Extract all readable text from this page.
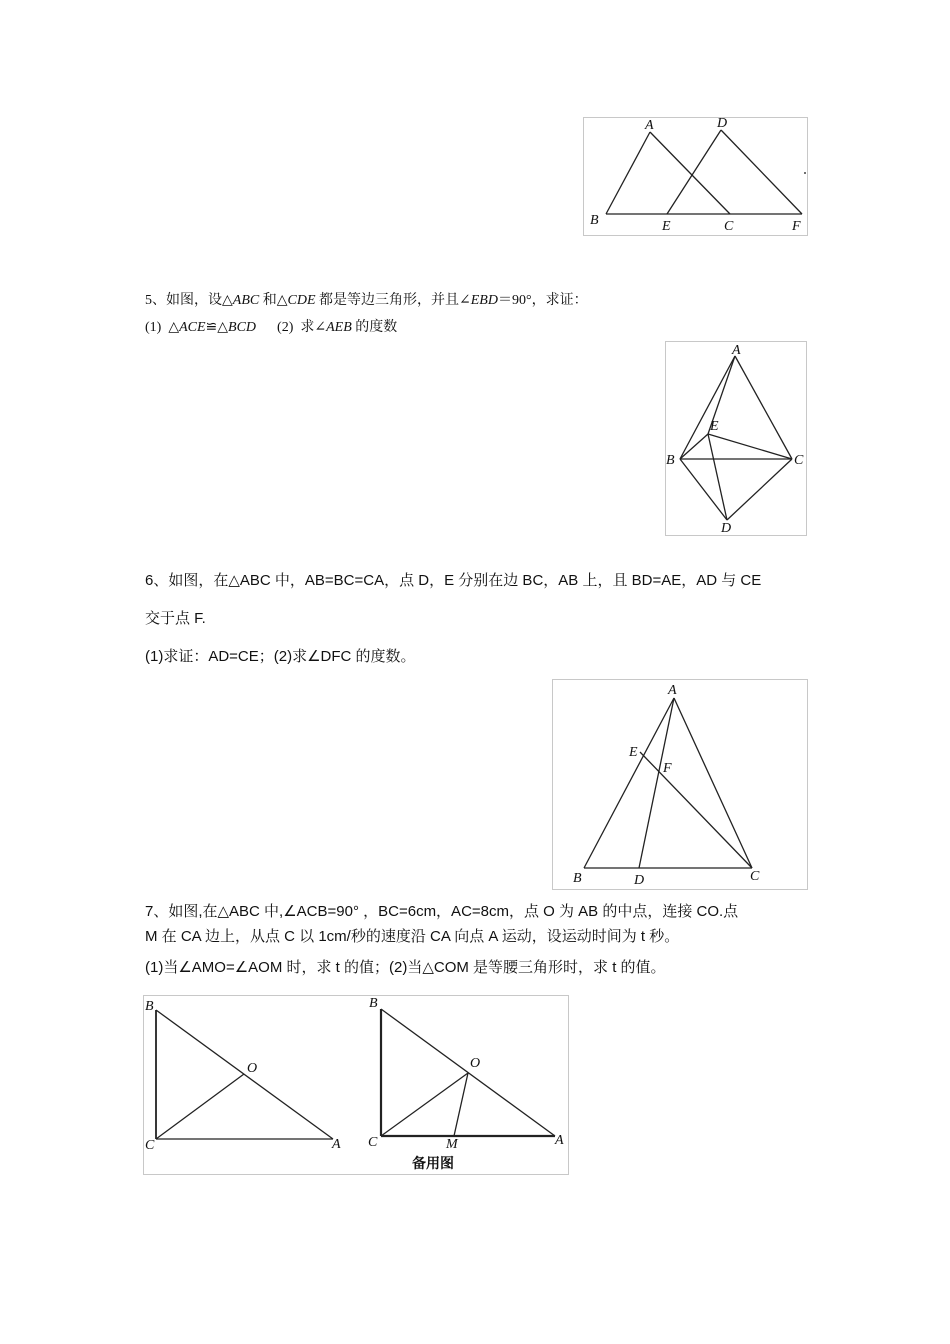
A	D
B	E	C	F
5、如图，设△ABC 和△CDE 都是等边三角形，并且∠EBD＝90°，求证：
(1)  △ACE≌△BCD      (2)  求∠AEB 的度数
A
E
B	C
D
6、如图，在△ABC 中，AB=BC=CA，点 D，E 分别在边 BC，AB 上，且 BD=AE，AD 与 CE
交于点 F.
(1)求证：AD=CE；(2)求∠DFC 的度数。
A
E
F
B	D	C
7、如图,在△ABC 中,∠ACB=90° ，BC=6cm，AC=8cm，点 O 为 AB 的中点，连接 CO.点
M 在 CA 边上，从点 C 以 1cm/秒的速度沿 CA 向点 A 运动，设运动时间为 t 秒。
(1)当∠AMO=∠AOM 时，求 t 的值；(2)当△COM 是等腰三角形时，求 t 的值。
B
O
C	A
B
O
C	M	A
备用图
